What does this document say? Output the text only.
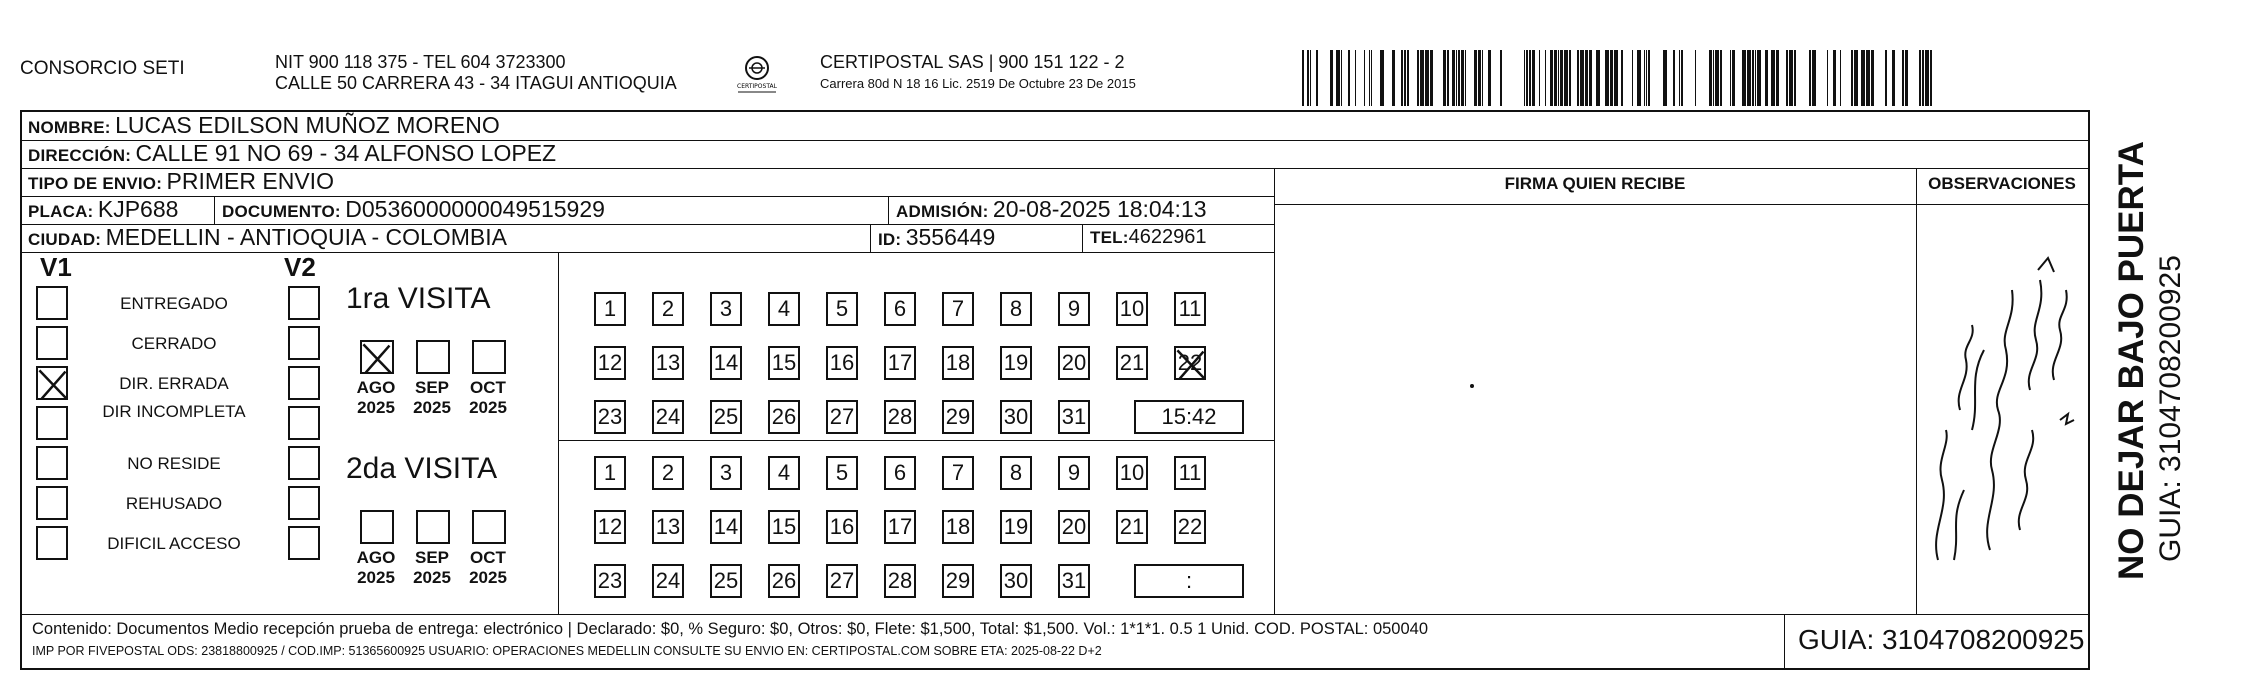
CONSORCIO SETI	NIT 900 118 375 - TEL 604 3723300
CALLE 50 CARRERA 43 - 34 ITAGUI ANTIOQUIA	CERTIPOSTAL
CERTIPOSTAL SAS | 900 151 122 - 2
Carrera 80d N 18 16 Lic. 2519 De Octubre 23 De 2015
NOMBRE: LUCAS EDILSON MUÑOZ MORENO
DIRECCIÓN: CALLE 91 NO 69 - 34 ALFONSO LOPEZ
TIPO DE ENVIO: PRIMER ENVIO	FIRMA QUIEN RECIBE	OBSERVACIONES
PLACA: KJP688	DOCUMENTO: D0536000000049515929	ADMISIÓN: 20-08-2025 18:04:13
CIUDAD: MEDELLIN - ANTIOQUIA - COLOMBIA	ID: 3556449	TEL:4622961
V1	V2
ENTREGADO
CERRADO
DIR. ERRADA
DIR INCOMPLETA
NO RESIDE
REHUSADO
DIFICIL ACCESO
1ra VISITA
AGO
2025
SEP
2025
OCT
2025
1	2	3	4	5	6	7	8	9	10 11
12 13 14 15 16 17 18 19 20 21 22
23 24 25 26 27 28 29 30 31	15:42
2da VISITA
AGO
2025
SEP
2025
OCT
2025
1	2	3	4	5	6	7	8	9	10 11
12 13 14 15 16 17 18 19 20 21 22
23 24 25 26 27 28 29 30 31	:
Contenido: Documentos Medio recepción prueba de entrega: electrónico | Declarado: $0, % Seguro: $0, Otros: $0, Flete: $1,500, Total: $1,500. Vol.: 1*1*1. 0.5 1 Unid. COD. POSTAL: 050040
IMP POR FIVEPOSTAL ODS: 23818800925 / COD.IMP: 51365600925 USUARIO: OPERACIONES MEDELLIN CONSULTE SU ENVIO EN: CERTIPOSTAL.COM SOBRE ETA: 2025-08-22 D+2	GUIA: 3104708200925
NO DEJAR BAJO PUERTA GUIA: 3104708200925
